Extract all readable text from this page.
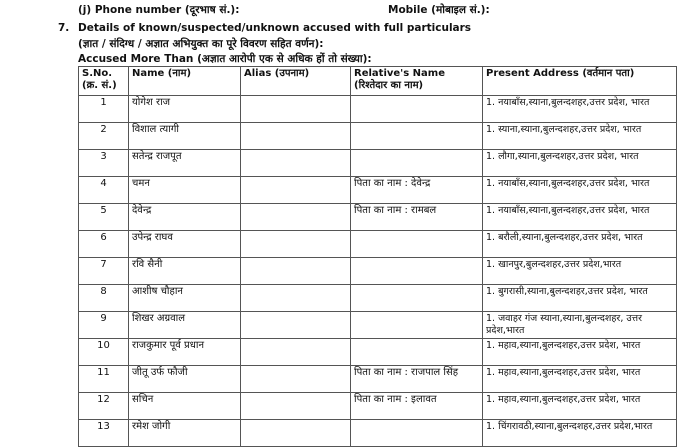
(j) Phone number (दूरभाष सं.):	Mobile (मोबाइल सं.):
7. Details of known/suspected/unknown accused with full particulars
(ज्ञात / संदिग्ध / अज्ञात अभियुक्त का पूरे विवरण सहित वर्णन):
Accused More Than (अज्ञात आरोपी एक से अधिक हों तो संख्या):
S.No.(क्र. सं.)	Name (नाम)	Alias (उपनाम)	Relative's Name (रिश्तेदार का नाम)	Present Address (वर्तमान पता)
1	योगेश राज			1. नयाबाँस,स्याना,बुलन्दशहर,उत्तर प्रदेश, भारत
2	विशाल त्यागी			1. स्याना,स्याना,बुलन्दशहर,उत्तर प्रदेश, भारत
3	सतेन्द्र राजपूत			1. लौगा,स्याना,बुलन्दशहर,उत्तर प्रदेश, भारत
4	चमन		पिता का नाम : देवेन्द्र	1. नयाबाँस,स्याना,बुलन्दशहर,उत्तर प्रदेश, भारत
5	देवेन्द्र		पिता का नाम : रामबल	1. नयाबाँस,स्याना,बुलन्दशहर,उत्तर प्रदेश, भारत
6	उपेन्द्र राघव			1. बरौली,स्याना,बुलन्दशहर,उत्तर प्रदेश, भारत
7	रवि सैनी			1. खानपुर,बुलन्दशहर,उत्तर प्रदेश,भारत
8	आशीष चौहान			1. बुगरासी,स्याना,बुलन्दशहर,उत्तर प्रदेश, भारत
9	शिखर अग्रवाल			1. जवाहर गंज स्याना,स्याना,बुलन्दशहर, उत्तर प्रदेश,भारत
10	राजकुमार पूर्व प्रधान			1. महाव,स्याना,बुलन्दशहर,उत्तर प्रदेश, भारत
11	जीतू उर्फ फौजी		पिता का नाम : राजपाल सिंह	1. महाव,स्याना,बुलन्दशहर,उत्तर प्रदेश, भारत
12	सचिन		पिता का नाम : इलावत	1. महाव,स्याना,बुलन्दशहर,उत्तर प्रदेश, भारत
13	रमेश जोगी			1. चिंगरावठी,स्याना,बुलन्दशहर,उत्तर प्रदेश,भारत
